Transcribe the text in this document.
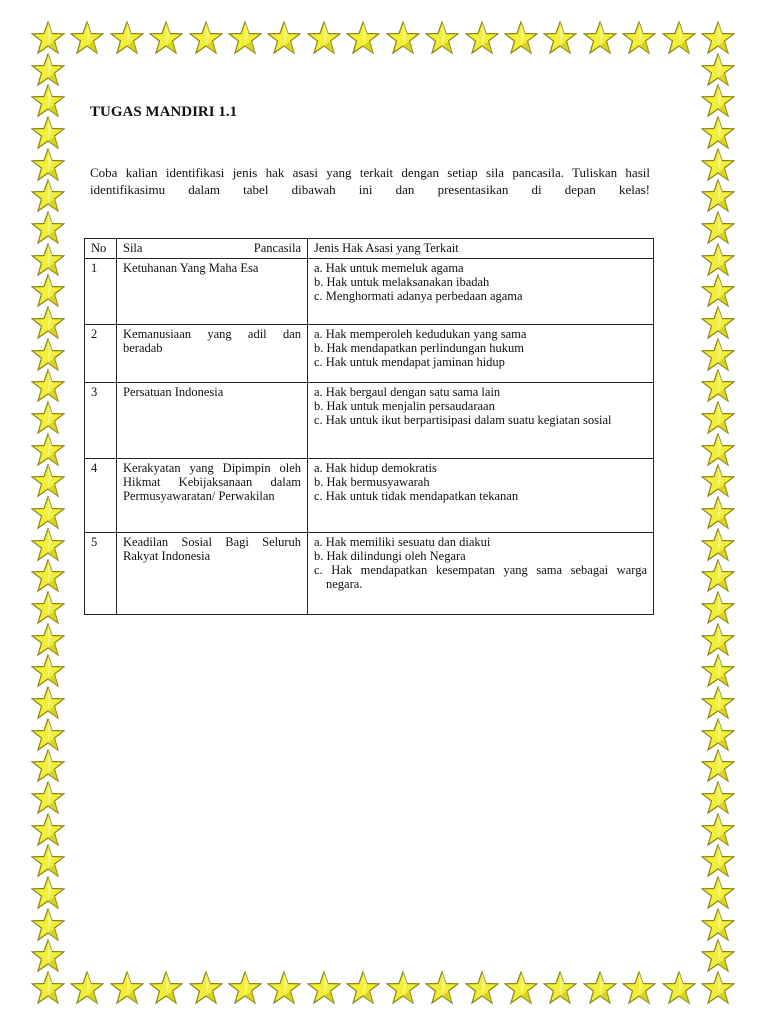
TUGAS MANDIRI 1.1
Coba kalian identifikasi jenis hak asasi yang terkait dengan setiap sila pancasila. Tuliskan hasil identifikasimu dalam tabel dibawah ini dan presentasikan di depan kelas!
No	Sila Pancasila	Jenis Hak Asasi yang Terkait
1	Ketuhanan Yang Maha Esa	a. Hak untuk memeluk agama
b. Hak untuk melaksanakan ibadah
c. Menghormati adanya perbedaan agama

2	Kemanusiaan yang adil dan beradab	a. Hak memperoleh kedudukan yang sama
b. Hak mendapatkan perlindungan hukum
c. Hak untuk mendapat jaminan hidup

3	Persatuan Indonesia	a. Hak bergaul dengan satu sama lain
b. Hak untuk menjalin persaudaraan
c. Hak untuk ikut berpartisipasi dalam suatu kegiatan sosial

4	Kerakyatan yang Dipimpin oleh Hikmat Kebijaksanaan dalam Permusyawaratan/ Perwakilan	a. Hak hidup demokratis
b. Hak bermusyawarah
c. Hak untuk tidak mendapatkan tekanan

5	Keadilan Sosial Bagi Seluruh Rakyat Indonesia	a. Hak memiliki sesuatu dan diakui
b. Hak dilindungi oleh Negara
c. Hak mendapatkan kesempatan yang sama sebagai warga negara.
